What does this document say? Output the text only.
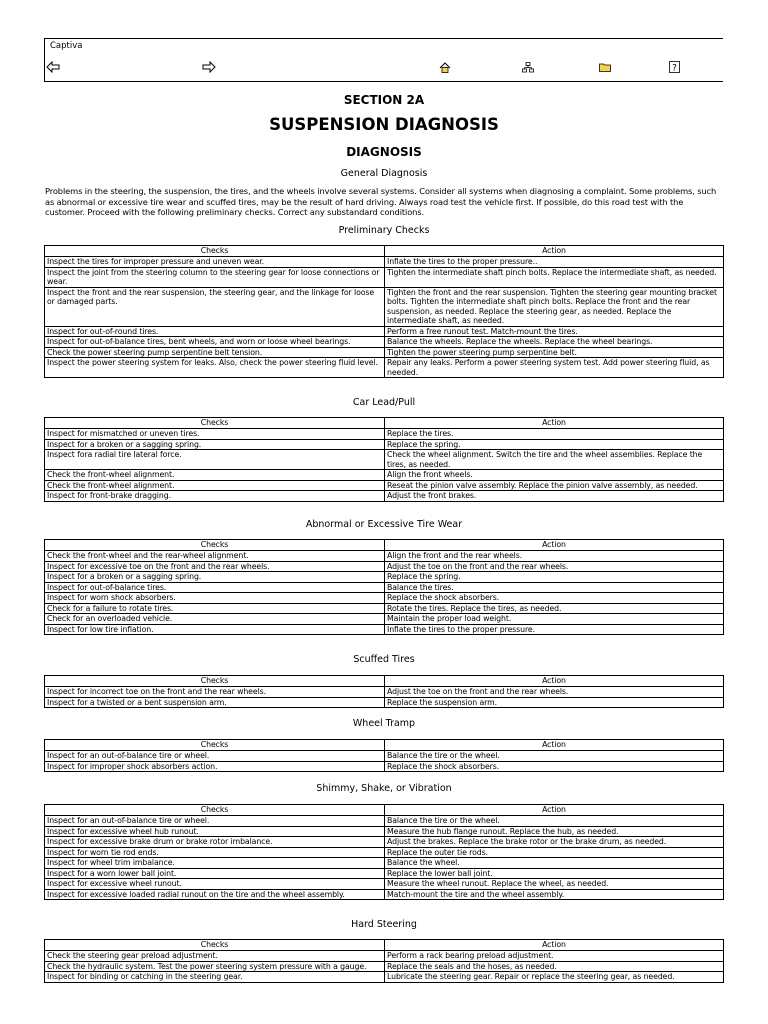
Captiva
?
SECTION 2A
SUSPENSION DIAGNOSIS
DIAGNOSIS
General Diagnosis
Problems in the steering, the suspension, the tires, and the wheels involve several systems. Consider all systems when diagnosing a complaint. Some problems, such as abnormal or excessive tire wear and scuffed tires, may be the result of hard driving. Always road test the vehicle first. If possible, do this road test with the customer. Proceed with the following preliminary checks. Correct any substandard conditions.
Preliminary Checks
Checks	Action
Inspect the tires for improper pressure and uneven wear.	Inflate the tires to the proper pressure..
Inspect the joint from the steering column to the steering gear for loose connections or wear.	Tighten the intermediate shaft pinch bolts. Replace the intermediate shaft, as needed.
Inspect the front and the rear suspension, the steering gear, and the linkage for loose or damaged parts.	Tighten the front and the rear suspension. Tighten the steering gear mounting bracket bolts. Tighten the intermediate shaft pinch bolts. Replace the front and the rear suspension, as needed. Replace the steering gear, as needed. Replace the intermediate shaft, as needed.
Inspect for out-of-round tires.	Perform a free runout test. Match-mount the tires.
Inspect for out-of-balance tires, bent wheels, and worn or loose wheel bearings.	Balance the wheels. Replace the wheels. Replace the wheel bearings.
Check the power steering pump serpentine belt tension.	Tighten the power steering pump serpentine belt.
Inspect the power steering system for leaks. Also, check the power steering fluid level.	Repair any leaks. Perform a power steering system test. Add power steering fluid, as needed.
Car Lead/Pull
Checks	Action
Inspect for mismatched or uneven tires.	Replace the tires.
Inspect for a broken or a sagging spring.	Replace the spring.
Inspect fora radial tire lateral force.	Check the wheel alignment. Switch the tire and the wheel assemblies. Replace the tires, as needed.
Check the front-wheel alignment.	Align the front wheels.
Check the front-wheel alignment.	Reseat the pinion valve assembly. Replace the pinion valve assembly, as needed.
Inspect for front-brake dragging.	Adjust the front brakes.
Abnormal or Excessive Tire Wear
Checks	Action
Check the front-wheel and the rear-wheel alignment.	Align the front and the rear wheels.
Inspect for excessive toe on the front and the rear wheels.	Adjust the toe on the front and the rear wheels.
Inspect for a broken or a sagging spring.	Replace the spring.
Inspect for out-of-balance tires.	Balance the tires.
Inspect for worn shock absorbers.	Replace the shock absorbers.
Check for a failure to rotate tires.	Rotate the tires. Replace the tires, as needed.
Check for an overloaded vehicle.	Maintain the proper load weight.
Inspect for low tire inflation.	Inflate the tires to the proper pressure.
Scuffed Tires
Checks	Action
Inspect for incorrect toe on the front and the rear wheels.	Adjust the toe on the front and the rear wheels.
Inspect for a twisted or a bent suspension arm.	Replace the suspension arm.
Wheel Tramp
Checks	Action
Inspect for an out-of-balance tire or wheel.	Balance the tire or the wheel.
Inspect for improper shock absorbers action.	Replace the shock absorbers.
Shimmy, Shake, or Vibration
Checks	Action
Inspect for an out-of-balance tire or wheel.	Balance the tire or the wheel.
Inspect for excessive wheel hub runout.	Measure the hub flange runout. Replace the hub, as needed.
Inspect for excessive brake drum or brake rotor imbalance.	Adjust the brakes. Replace the brake rotor or the brake drum, as needed.
Inspect for worn tie rod ends.	Replace the outer tie rods.
Inspect for wheel trim imbalance.	Balance the wheel.
Inspect for a worn lower ball joint.	Replace the lower ball joint.
Inspect for excessive wheel runout.	Measure the wheel runout. Replace the wheel, as needed.
Inspect for excessive loaded radial runout on the tire and the wheel assembly.	Match-mount the tire and the wheel assembly.
Hard Steering
Checks	Action
Check the steering gear preload adjustment.	Perform a rack bearing preload adjustment.
Check the hydraulic system. Test the power steering system pressure with a gauge.	Replace the seals and the hoses, as needed.
Inspect for binding or catching in the steering gear.	Lubricate the steering gear. Repair or replace the steering gear, as needed.
